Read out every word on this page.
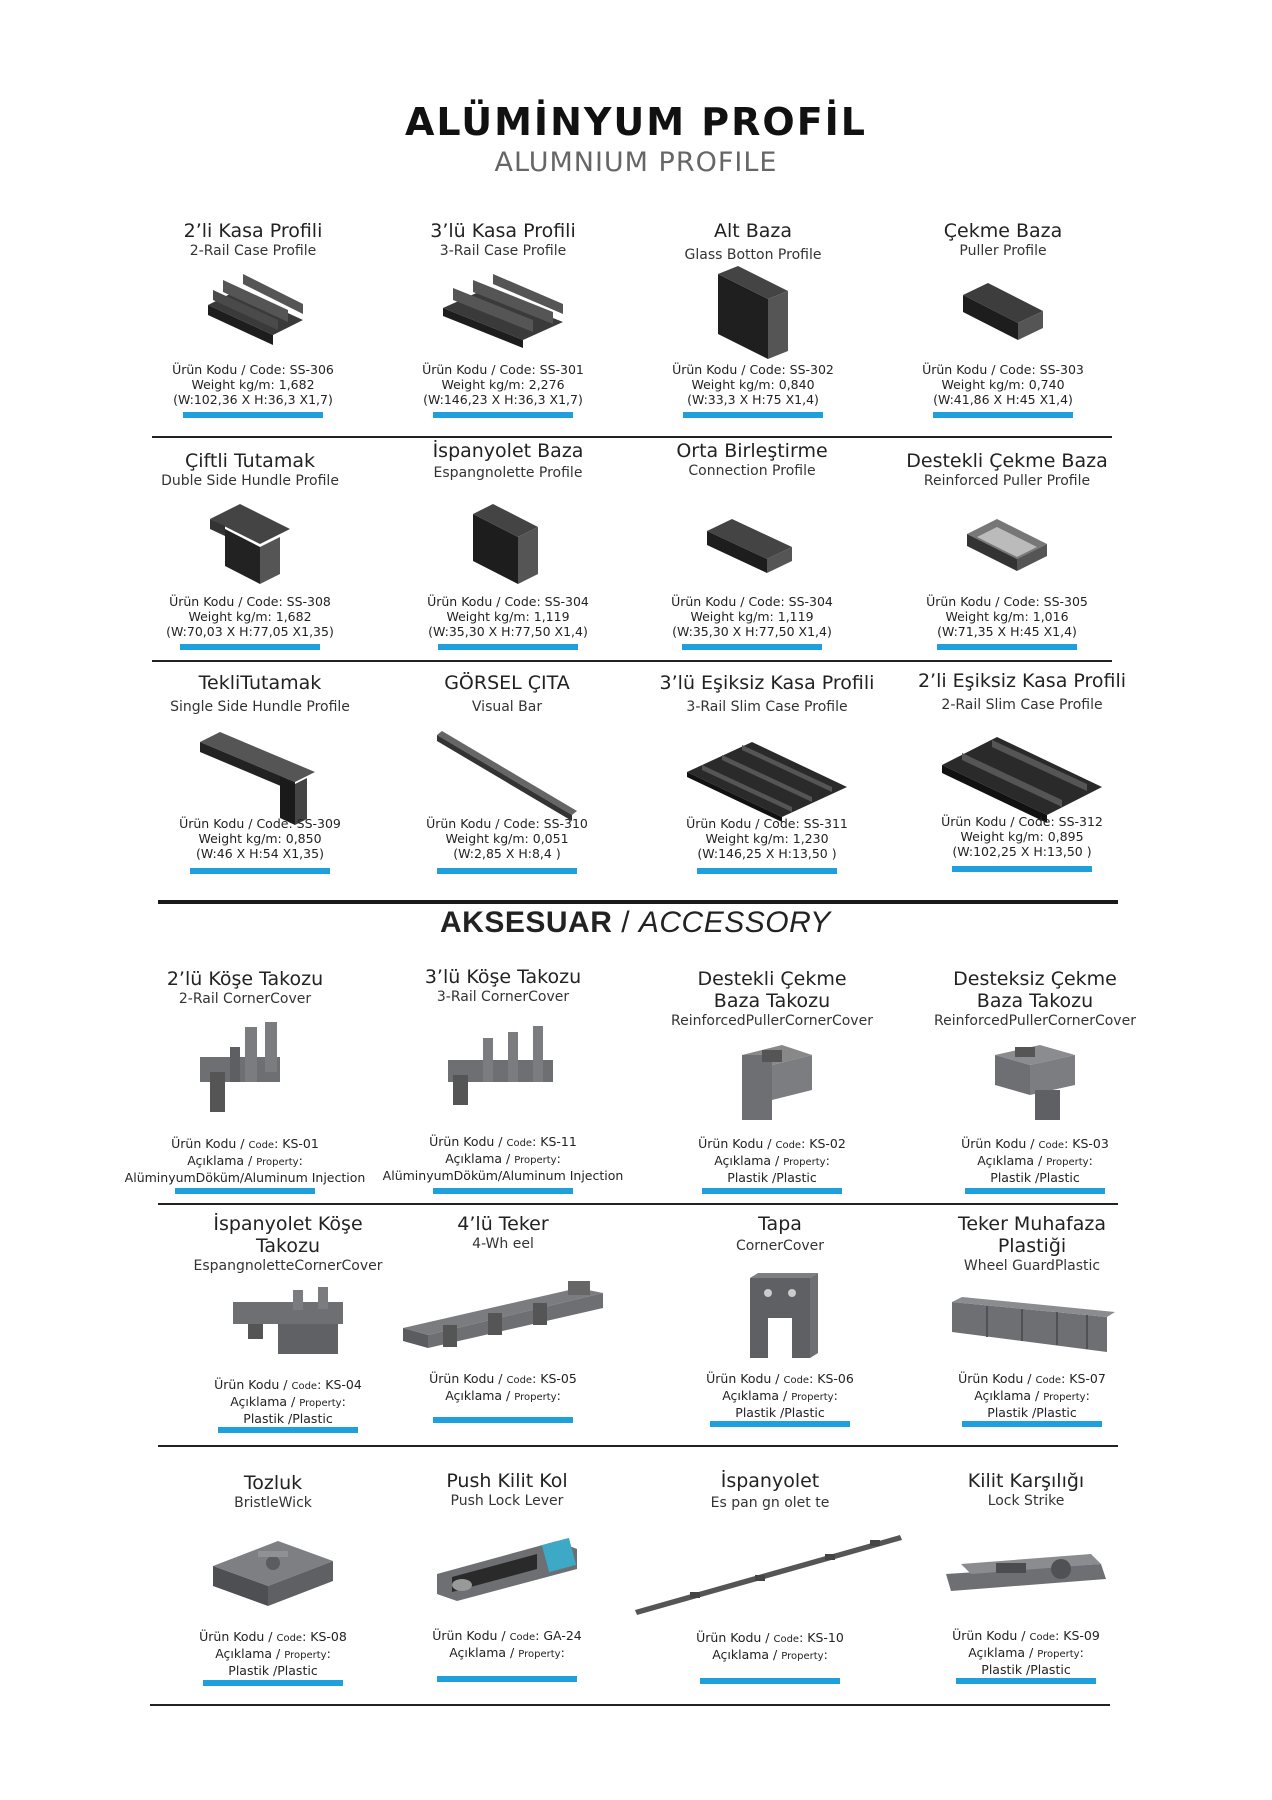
ALÜMİNYUM PROFİL
ALUMNIUM PROFILE
AKSESUAR / ACCESSORY
2’li Kasa Profili
2-Rail Case Profile
Ürün Kodu / Code: SS-306
Weight kg/m: 1,682
(W:102,36 X H:36,3 X1,7)
3’lü Kasa Profili
3-Rail Case Profile
Ürün Kodu / Code: SS-301
Weight kg/m: 2,276
(W:146,23 X H:36,3 X1,7)
Alt Baza
Glass Botton Profile
Ürün Kodu / Code: SS-302
Weight kg/m: 0,840
(W:33,3 X H:75 X1,4)
Çekme Baza
Puller Profile
Ürün Kodu / Code: SS-303
Weight kg/m: 0,740
(W:41,86 X H:45 X1,4)
Çiftli Tutamak
Duble Side Hundle Profile
Ürün Kodu / Code: SS-308
Weight kg/m: 1,682
(W:70,03 X H:77,05 X1,35)
İspanyolet Baza
Espangnolette Profile
Ürün Kodu / Code: SS-304
Weight kg/m: 1,119
(W:35,30 X H:77,50 X1,4)
Orta Birleştirme
Connection Profile
Ürün Kodu / Code: SS-304
Weight kg/m: 1,119
(W:35,30 X H:77,50 X1,4)
Destekli Çekme Baza
Reinforced Puller Profile
Ürün Kodu / Code: SS-305
Weight kg/m: 1,016
(W:71,35 X H:45 X1,4)
TekliTutamak
Single Side Hundle Profile
Ürün Kodu / Code: SS-309
Weight kg/m: 0,850
(W:46 X H:54 X1,35)
GÖRSEL ÇITA
Visual Bar
Ürün Kodu / Code: SS-310
Weight kg/m: 0,051
(W:2,85 X H:8,4 )
3’lü Eşiksiz Kasa Profili
3-Rail Slim Case Profile
Ürün Kodu / Code: SS-311
Weight kg/m: 1,230
(W:146,25 X H:13,50 )
2’li Eşiksiz Kasa Profili
2-Rail Slim Case Profile
Ürün Kodu / Code: SS-312
Weight kg/m: 0,895
(W:102,25 X H:13,50 )
2’lü Köşe Takozu
2-Rail CornerCover
Ürün Kodu / Code: KS-01
Açıklama / Property:
AlüminyumDöküm/Aluminum Injection
3’lü Köşe Takozu
3-Rail CornerCover
Ürün Kodu / Code: KS-11
Açıklama / Property:
AlüminyumDöküm/Aluminum Injection
Destekli Çekme Baza Takozu
ReinforcedPullerCornerCover
Ürün Kodu / Code: KS-02
Açıklama / Property:
Plastik /Plastic
Desteksiz Çekme Baza Takozu
ReinforcedPullerCornerCover
Ürün Kodu / Code: KS-03
Açıklama / Property:
Plastik /Plastic
İspanyolet Köşe Takozu
EspangnoletteCornerCover
Ürün Kodu / Code: KS-04
Açıklama / Property:
Plastik /Plastic
4’lü Teker
4-Wh eel
Ürün Kodu / Code: KS-05
Açıklama / Property:
Tapa
CornerCover
Ürün Kodu / Code: KS-06
Açıklama / Property:
Plastik /Plastic
Teker Muhafaza Plastiği
Wheel GuardPlastic
Ürün Kodu / Code: KS-07
Açıklama / Property:
Plastik /Plastic
Tozluk
BristleWick
Ürün Kodu / Code: KS-08
Açıklama / Property:
Plastik /Plastic
Push Kilit Kol
Push Lock Lever
Ürün Kodu / Code: GA-24
Açıklama / Property:
İspanyolet
Es pan gn olet te
Ürün Kodu / Code: KS-10
Açıklama / Property:
Kilit Karşılığı
Lock Strike
Ürün Kodu / Code: KS-09
Açıklama / Property:
Plastik /Plastic
